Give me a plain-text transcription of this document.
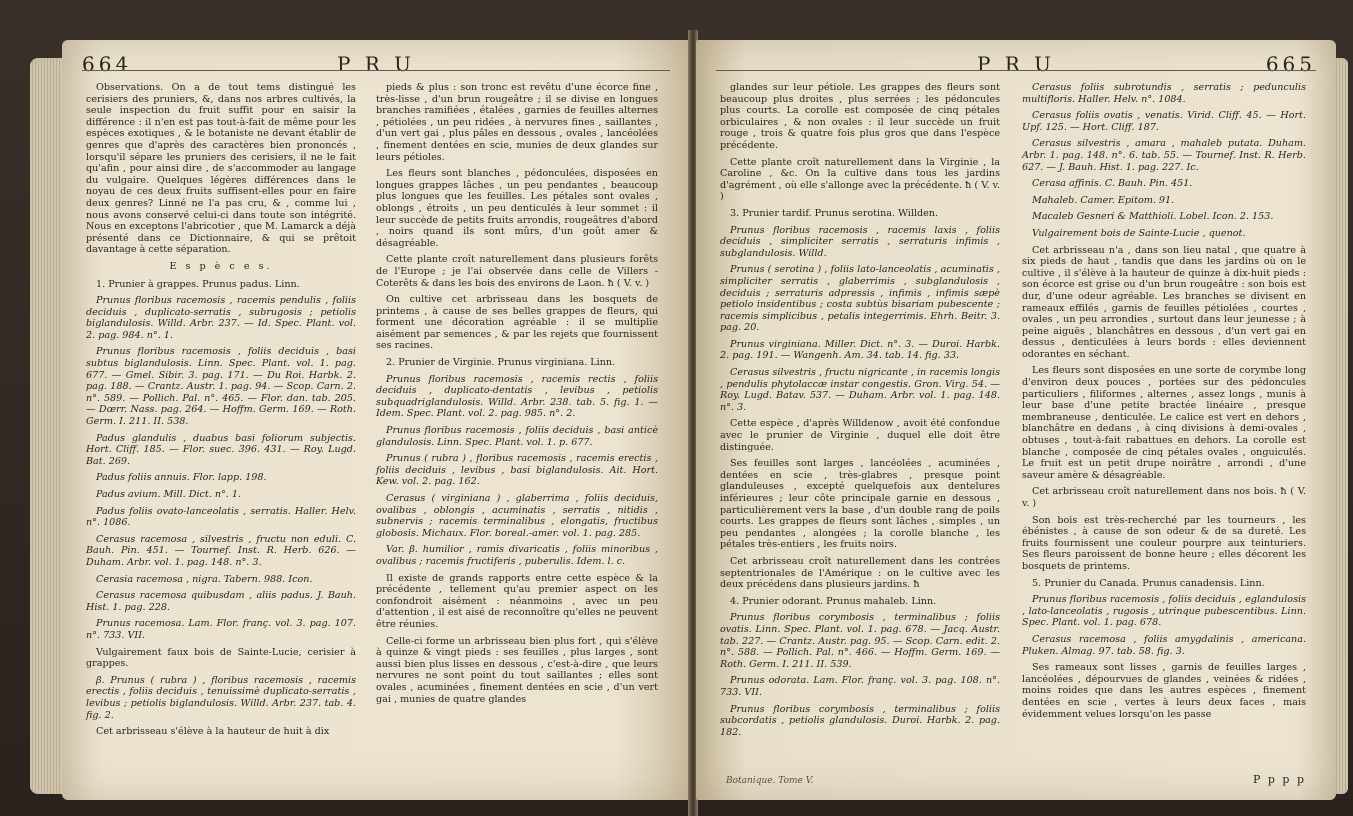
664	P R U

Observations. On a de tout tems distingué les cerisiers des pruniers, &, dans nos arbres cultivés, la seule inspection du fruit suffit pour en saisir la différence : il n'en est pas tout-à-fait de même pour les espèces exotiques , & le botaniste ne devant établir de genres que d'après des caractères bien prononcés , lorsqu'il sépare les pruniers des cerisiers, il ne le fait qu'afin , pour ainsi dire , de s'accommoder au langage du vulgaire. Quelques légères différences dans le noyau de ces deux fruits suffisent-elles pour en faire deux genres? Linné ne l'a pas cru, & , comme lui , nous avons conservé celui-ci dans toute son intégrité. Nous en exceptons l'abricotier , que M. Lamarck a déjà présenté dans ce Dictionnaire, & qui se prêtoit davantage à cette séparation.

E s p è c e s.

1. Prunier à grappes. Prunus padus. Linn.

Prunus floribus racemosis , racemis pendulis , foliis deciduis , duplicato-serratis , subrugosis ; petiolis biglandulosis. Willd. Arbr. 237. — Id. Spec. Plant. vol. 2. pag. 984. n°. 1.

Prunus floribus racemosis , foliis deciduis , basi subtus biglandulosis. Linn. Spec. Plant. vol. 1. pag. 677. — Gmel. Sibir. 3. pag. 171. — Du Roi. Harbk. 2. pag. 188. — Crantz. Austr. 1. pag. 94. — Scop. Carn. 2. n°. 589. — Pollich. Pal. n°. 465. — Flor. dan. tab. 205. — Dœrr. Nass. pag. 264. — Hoffm. Germ. 169. — Roth. Germ. I. 211. II. 538.

Padus glandulis , duabus basi foliorum subjectis. Hort. Cliff. 185. — Flor. suec. 396. 431. — Roy. Lugd. Bat. 269.

Padus foliis annuis. Flor. lapp. 198.

Padus avium. Mill. Dict. n°. 1.

Padus foliis ovato-lanceolatis , serratis. Haller. Helv. n°. 1086.

Cerasus racemosa , silvestris , fructu non eduli. C. Bauh. Pin. 451. — Tournef. Inst. R. Herb. 626. — Duham. Arbr. vol. 1. pag. 148. n°. 3.

Cerasia racemosa , nigra. Tabern. 988. Icon.

Cerasus racemosa quibusdam , aliis padus. J. Bauh. Hist. 1. pag. 228.

Prunus racemosa. Lam. Flor. franç. vol. 3. pag. 107. n°. 733. VII.

Vulgairement faux bois de Sainte-Lucie, cerisier à grappes.

β. Prunus ( rubra ) , floribus racemosis , racemis erectis , foliis deciduis , tenuissimè duplicato-serratis , levibus ; petiolis biglandulosis. Willd. Arbr. 237. tab. 4. fig. 2.

Cet arbrisseau s'élève à la hauteur de huit à dix

pieds & plus : son tronc est revêtu d'une écorce fine , très-lisse , d'un brun rougeâtre ; il se divise en longues branches ramifiées , étalées , garnies de feuilles alternes , pétiolées , un peu ridées , à nervures fines , saillantes , d'un vert gai , plus pâles en dessous , ovales , lancéolées , finement dentées en scie, munies de deux glandes sur leurs pétioles.

Les fleurs sont blanches , pédonculées, disposées en longues grappes lâches , un peu pendantes , beaucoup plus longues que les feuilles. Les pétales sont ovales , oblongs , étroits , un peu denticulés à leur sommet : il leur succède de petits fruits arrondis, rougeâtres d'abord , noirs quand ils sont mûrs, d'un goût amer & désagréable.

Cette plante croît naturellement dans plusieurs forêts de l'Europe ; je l'ai observée dans celle de Villers - Coterêts & dans les bois des environs de Laon. ħ ( V. v. )

On cultive cet arbrisseau dans les bosquets de printems , à cause de ses belles grappes de fleurs, qui forment une décoration agréable : il se multiplie aisément par semences , & par les rejets que fournissent ses racines.

2. Prunier de Virginie. Prunus virginiana. Linn.

Prunus floribus racemosis , racemis rectis , foliis deciduis , duplicato-dentatis , levibus , petiolis subquadriglandulosis. Willd. Arbr. 238. tab. 5. fig. 1. — Idem. Spec. Plant. vol. 2. pag. 985. n°. 2.

Prunus floribus racemosis , foliis deciduis , basi anticè glandulosis. Linn. Spec. Plant. vol. 1. p. 677.

Prunus ( rubra ) , floribus racemosis , racemis erectis , foliis deciduis , levibus , basi biglandulosis. Ait. Hort. Kew. vol. 2. pag. 162.

Cerasus ( virginiana ) , glaberrima , foliis deciduis, ovalibus , oblongis , acuminatis , serratis , nitidis , subnervis ; racemis terminalibus , elongatis, fructibus globosis. Michaux. Flor. boreal.-amer. vol. 1. pag. 285.

Var. β. humilior , ramis divaricatis , foliis minoribus , ovalibus ; racemis fructiferis , puberulis. Idem. l. c.

Il existe de grands rapports entre cette espèce & la précédente , tellement qu'au premier aspect on les confondroit aisément : néanmoins , avec un peu d'attention , il est aisé de reconnoître qu'elles ne peuvent être réunies.

Celle-ci forme un arbrisseau bien plus fort , qui s'élève à quinze & vingt pieds : ses feuilles , plus larges , sont aussi bien plus lisses en dessous , c'est-à-dire , que leurs nervures ne sont point du tout saillantes ; elles sont ovales , acuminées , finement dentées en scie , d'un vert gai , munies de quatre glandes

P R U	665

glandes sur leur pétiole. Les grappes des fleurs sont beaucoup plus droites , plus serrées ; les pédoncules plus courts. La corolle est composée de cinq pétales orbiculaires , & non ovales : il leur succède un fruit rouge , trois & quatre fois plus gros que dans l'espèce précédente.

Cette plante croît naturellement dans la Virginie , la Caroline , &c. On la cultive dans tous les jardins d'agrément , où elle s'allonge avec la précédente. ħ ( V. v. )

3. Prunier tardif. Prunus serotina. Willden.

Prunus floribus racemosis , racemis laxis , foliis deciduis , simpliciter serratis , serraturis infimis , subglandulosis. Willd.

Prunus ( serotina ) , foliis lato-lanceolatis , acuminatis , simpliciter serratis , glaberrimis , subglandulosis , deciduis ; serraturis adpressis , infimis , infimis sæpè petiolo insidentibus ; costa subtùs bisariam pubescente ; racemis simplicibus , petalis integerrimis. Ehrh. Beitr. 3. pag. 20.

Prunus virginiana. Miller. Dict. n°. 3. — Duroi. Harbk. 2. pag. 191. — Wangenh. Am. 34. tab. 14. fig. 33.

Cerasus silvestris , fructu nigricante , in racemis longis , pendulis phytolaccæ instar congestis. Gron. Virg. 54. — Roy. Lugd. Batav. 537. — Duham. Arbr. vol. 1. pag. 148. n°. 3.

Cette espèce , d'après Willdenow , avoit été confondue avec le prunier de Virginie , duquel elle doit être distinguée.

Ses feuilles sont larges , lancéolées , acuminées , dentées en scie , très-glabres , presque point glanduleuses , excepté quelquefois aux dentelures inférieures ; leur côte principale garnie en dessous , particulièrement vers la base , d'un double rang de poils courts. Les grappes de fleurs sont lâches , simples , un peu pendantes , alongées ; la corolle blanche , les pétales très-entiers , les fruits noirs.

Cet arbrisseau croît naturellement dans les contrées septentrionales de l'Amérique : on le cultive avec les deux précédens dans plusieurs jardins. ħ

4. Prunier odorant. Prunus mahaleb. Linn.

Prunus floribus corymbosis , terminalibus ; foliis ovatis. Linn. Spec. Plant. vol. 1. pag. 678. — Jacq. Austr. tab. 227. — Crantz. Austr. pag. 95. — Scop. Carn. edit. 2. n°. 588. — Pollich. Pal. n°. 466. — Hoffm. Germ. 169. — Roth. Germ. I. 211. II. 539.

Prunus odorata. Lam. Flor. franç. vol. 3. pag. 108. n°. 733. VII.

Prunus floribus corymbosis , terminalibus ; foliis subcordatis , petiolis glandulosis. Duroi. Harbk. 2. pag. 182.

Cerasus foliis subrotundis , serratis ; pedunculis multifloris. Haller. Helv. n°. 1084.

Cerasus foliis ovatis , venatis. Virid. Cliff. 45. — Hort. Upf. 125. — Hort. Cliff. 187.

Cerasus silvestris , amara , mahaleb putata. Duham. Arbr. 1. pag. 148. n°. 6. tab. 55. — Tournef. Inst. R. Herb. 627. — J. Bauh. Hist. 1. pag. 227. Ic.

Cerasa affinis. C. Bauh. Pin. 451.

Mahaleb. Camer. Epitom. 91.

Macaleb Gesneri & Matthioli. Lobel. Icon. 2. 153.

Vulgairement bois de Sainte-Lucie , quenot.

Cet arbrisseau n'a , dans son lieu natal , que quatre à six pieds de haut , tandis que dans les jardins où on le cultive , il s'élève à la hauteur de quinze à dix-huit pieds : son écorce est grise ou d'un brun rougeâtre : son bois est dur, d'une odeur agréable. Les branches se divisent en rameaux effilés , garnis de feuilles pétiolées , courtes , ovales , un peu arrondies , surtout dans leur jeunesse ; à peine aiguës , blanchâtres en dessous , d'un vert gai en dessus , denticulées à leurs bords : elles deviennent odorantes en séchant.

Les fleurs sont disposées en une sorte de corymbe long d'environ deux pouces , portées sur des pédoncules particuliers , filiformes , alternes , assez longs , munis à leur base d'une petite bractée linéaire , presque membraneuse , denticulée. Le calice est vert en dehors , blanchâtre en dedans , à cinq divisions à demi-ovales , obtuses , tout-à-fait rabattues en dehors. La corolle est blanche , composée de cinq pétales ovales , onguiculés. Le fruit est un petit drupe noirâtre , arrondi , d'une saveur amère & désagréable.

Cet arbrisseau croît naturellement dans nos bois. ħ ( V. v. )

Son bois est très-recherché par les tourneurs , les ébénistes , à cause de son odeur & de sa dureté. Les fruits fournissent une couleur pourpre aux teinturiers. Ses fleurs paroissent de bonne heure ; elles décorent les bosquets de printems.

5. Prunier du Canada. Prunus canadensis. Linn.

Prunus floribus racemosis , foliis deciduis , eglandulosis , lato-lanceolatis , rugosis , utrinque pubescentibus. Linn. Spec. Plant. vol. 1. pag. 678.

Cerasus racemosa , foliis amygdalinis , americana. Pluken. Almag. 97. tab. 58. fig. 3.

Ses rameaux sont lisses , garnis de feuilles larges , lancéolées , dépourvues de glandes , veinées & ridées , moins roides que dans les autres espèces , finement dentées en scie , vertes à leurs deux faces , mais évidemment velues lorsqu'on les passe

Botanique. Tome V.	P p p p
